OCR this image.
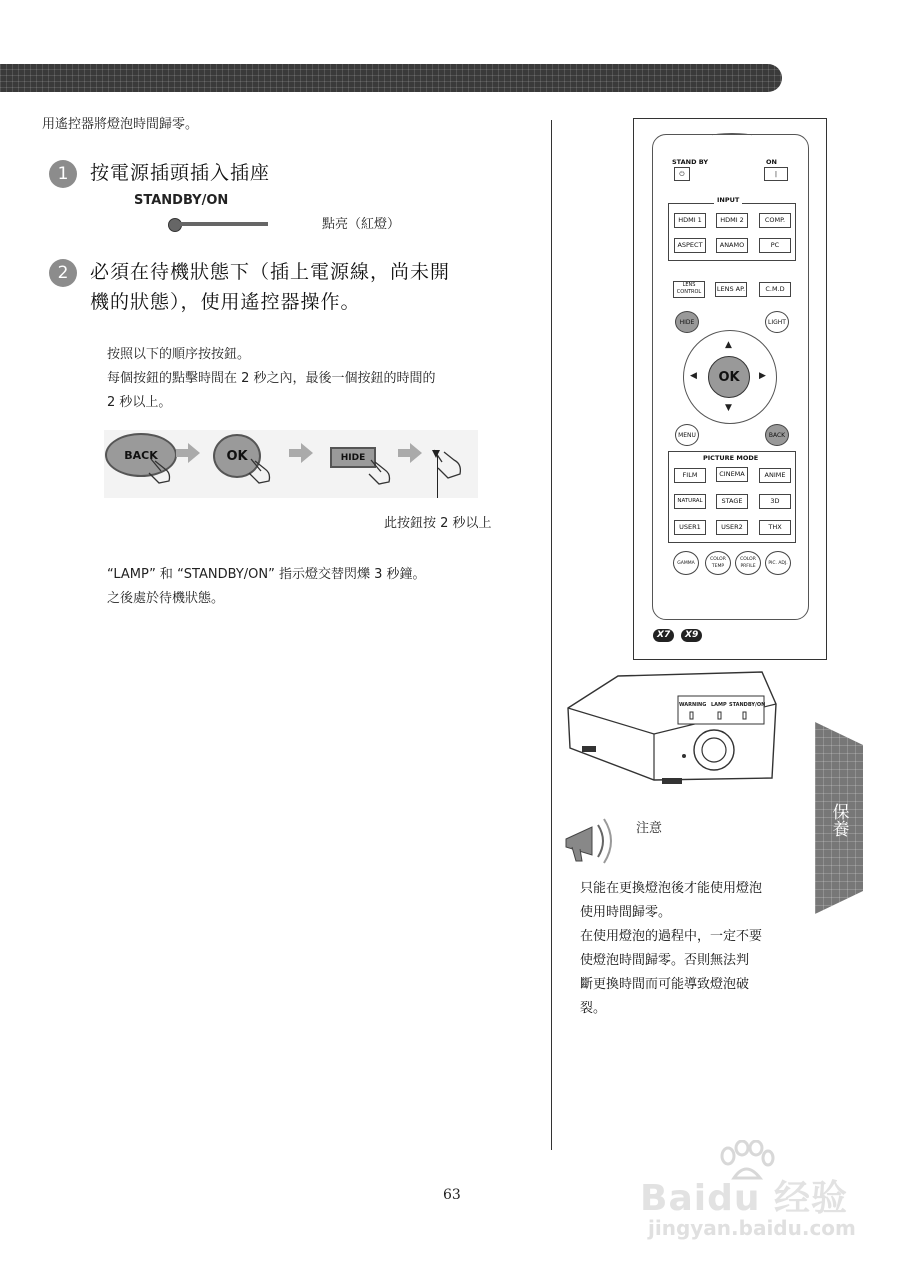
用遙控器將燈泡時間歸零。
1	按電源插頭插入插座
STANDBY/ON
點亮（紅燈）
2	必須在待機狀態下（插上電源線，尚未開
機的狀態），使用遙控器操作。
按照以下的順序按按鈕。
每個按鈕的點擊時間在 2 秒之內，最後一個按鈕的時間的
2 秒以上。
BACK	OK	HIDE
此按鈕按 2 秒以上
“LAMP” 和 “STANDBY/ON” 指示燈交替閃爍 3 秒鐘。
之後處於待機狀態。
STAND BY	ON
⏻	|
INPUT
HDMI 1	HDMI 2	COMP.
ASPECT	ANAMO	PC
LENS CONTROL	LENS AP.	C.M.D
HIDE	LIGHT
OK
▲
▼
◀	▶
MENU	BACK
PICTURE MODE
FILM	CINEMA	ANIME
NATURAL	STAGE	3D
USER1	USER2	THX
GAMMA
COLOR TEMP
COLOR PRFILE
PIC. ADJ.
X7	X9
WARNING LAMP STANDBY/ON
注意
只能在更換燈泡後才能使用燈泡
使用時間歸零。
在使用燈泡的過程中，一定不要
使燈泡時間歸零。否則無法判
斷更換時間而可能導致燈泡破
裂。
保養
63	Baidu 经验
jingyan.baidu.com
